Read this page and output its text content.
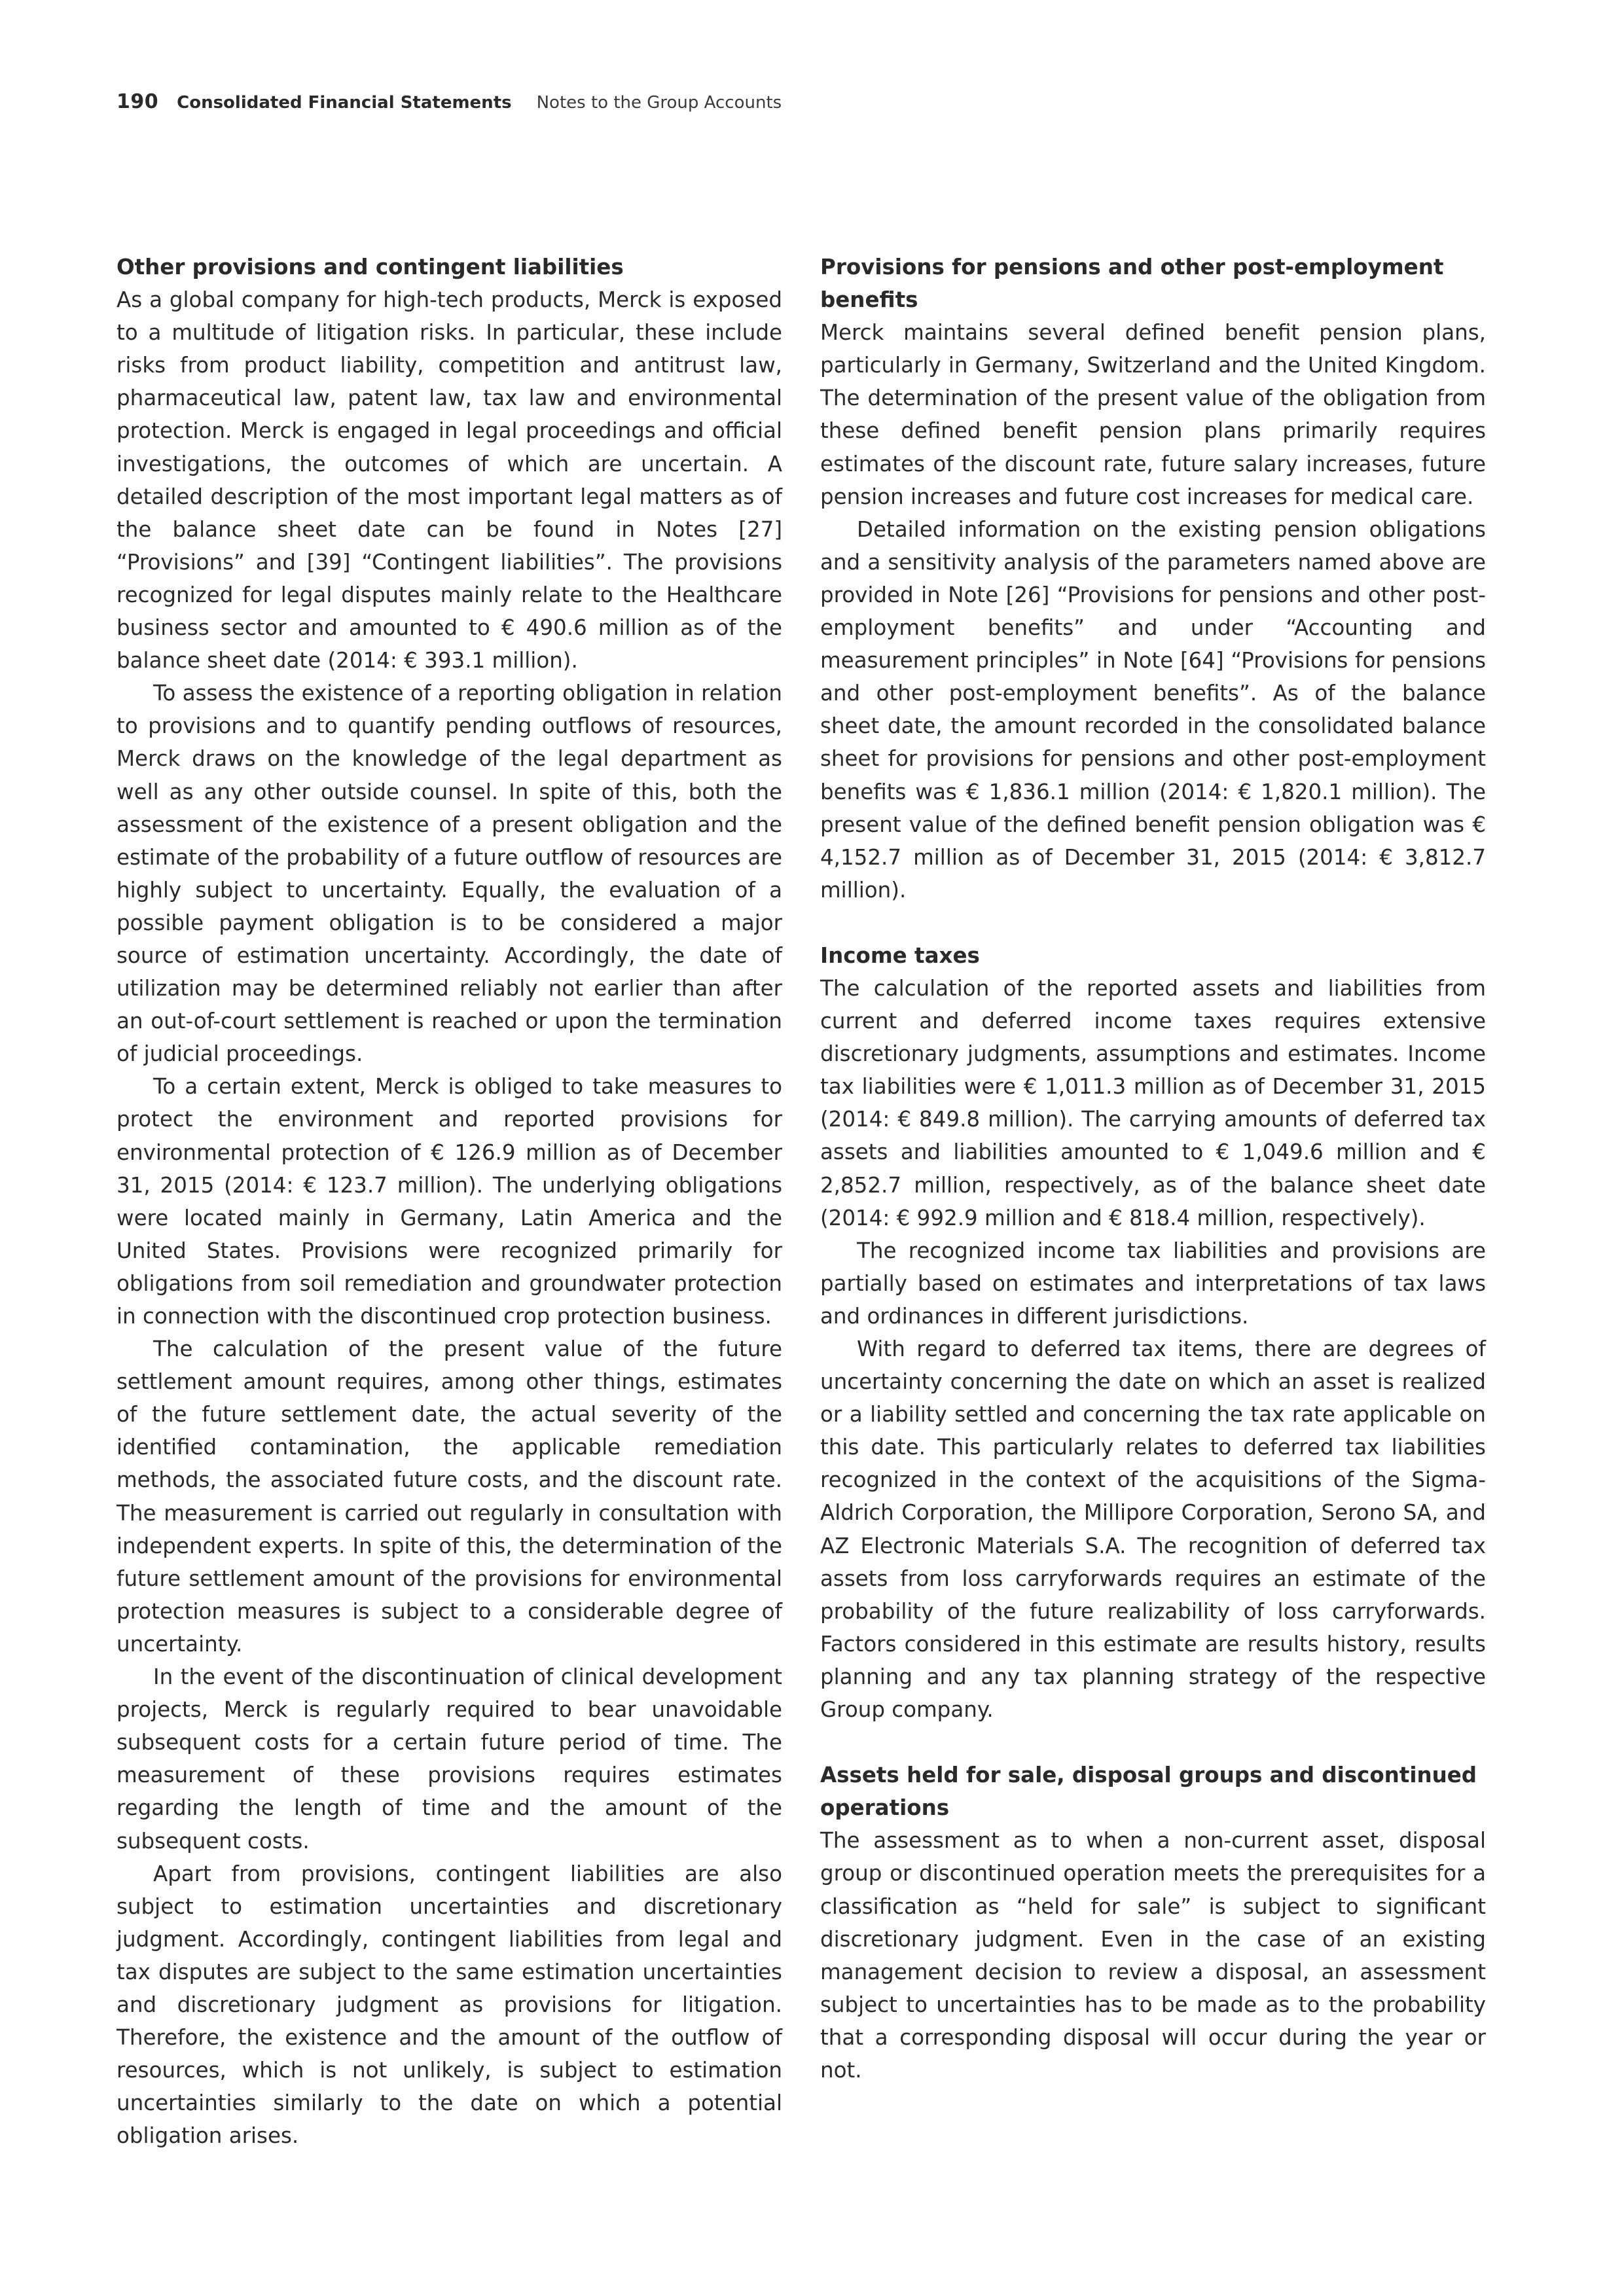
190 Consolidated Financial Statements Notes to the Group Accounts
Other provisions and contingent liabilities

As a global company for high-tech products, Merck is exposed to a multitude of litigation risks. In particular, these include risks from product liability, competition and antitrust law, pharmaceutical law, patent law, tax law and environmental protection. Merck is engaged in legal proceedings and official investigations, the outcomes of which are uncertain. A detailed description of the most important legal matters as of the balance sheet date can be found in Notes [27] “Provisions” and [39] “Contingent liabilities”. The provisions recognized for legal disputes mainly relate to the Healthcare business sector and amounted to € 490.6 million as of the balance sheet date (2014: € 393.1 million).

To assess the existence of a reporting obligation in relation to provisions and to quantify pending outflows of resources, Merck draws on the knowledge of the legal department as well as any other outside counsel. In spite of this, both the assessment of the existence of a present obligation and the estimate of the probability of a future outflow of resources are highly subject to uncertainty. Equally, the evaluation of a possible payment obligation is to be considered a major source of estimation uncertainty. Accordingly, the date of utilization may be determined reliably not earlier than after an out-of-court settlement is reached or upon the termination of judicial proceedings.

To a certain extent, Merck is obliged to take measures to protect the environment and reported provisions for environmental protection of € 126.9 million as of December 31, 2015 (2014: € 123.7 million). The underlying obligations were located mainly in Germany, Latin America and the United States. Provisions were recognized primarily for obligations from soil remediation and groundwater protection in connection with the discontinued crop protection business.

The calculation of the present value of the future settlement amount requires, among other things, estimates of the future settlement date, the actual severity of the identified contamination, the applicable remediation methods, the associated future costs, and the discount rate. The measurement is carried out regularly in consultation with independent experts. In spite of this, the determination of the future settlement amount of the provisions for environmental protection measures is subject to a considerable degree of uncertainty.

In the event of the discontinuation of clinical development projects, Merck is regularly required to bear unavoidable subsequent costs for a certain future period of time. The measurement of these provisions requires estimates regarding the length of time and the amount of the subsequent costs.

Apart from provisions, contingent liabilities are also subject to estimation uncertainties and discretionary judgment. Accordingly, contingent liabilities from legal and tax disputes are subject to the same estimation uncertainties and discretionary judgment as provisions for litigation. Therefore, the existence and the amount of the outflow of resources, which is not unlikely, is subject to estimation uncertainties similarly to the date on which a potential obligation arises.

Provisions for pensions and other post-employment benefits

Merck maintains several defined benefit pension plans, particularly in Germany, Switzerland and the United Kingdom. The determination of the present value of the obligation from these defined benefit pension plans primarily requires estimates of the discount rate, future salary increases, future pension increases and future cost increases for medical care.

Detailed information on the existing pension obligations and a sensitivity analysis of the parameters named above are provided in Note [26] “Provisions for pensions and other post-employment benefits” and under “Accounting and measurement principles” in Note [64] “Provisions for pensions and other post-employment benefits”. As of the balance sheet date, the amount recorded in the consolidated balance sheet for provisions for pensions and other post-employment benefits was € 1,836.1 million (2014: € 1,820.1 million). The present value of the defined benefit pension obligation was € 4,152.7 million as of December 31, 2015 (2014: € 3,812.7 million).

Income taxes

The calculation of the reported assets and liabilities from current and deferred income taxes requires extensive discretionary judgments, assumptions and estimates. Income tax liabilities were € 1,011.3 million as of December 31, 2015 (2014: € 849.8 million). The carrying amounts of deferred tax assets and liabilities amounted to € 1,049.6 million and € 2,852.7 million, respectively, as of the balance sheet date (2014: € 992.9 million and € 818.4 million, respectively).

The recognized income tax liabilities and provisions are partially based on estimates and interpretations of tax laws and ordinances in different jurisdictions.

With regard to deferred tax items, there are degrees of uncertainty concerning the date on which an asset is realized or a liability settled and concerning the tax rate applicable on this date. This particularly relates to deferred tax liabilities recognized in the context of the acquisitions of the Sigma-Aldrich Corporation, the Millipore Corporation, Serono SA, and AZ Electronic Materials S.A. The recognition of deferred tax assets from loss carryforwards requires an estimate of the probability of the future realizability of loss carryforwards. Factors considered in this estimate are results history, results planning and any tax planning strategy of the respective Group company.

Assets held for sale, disposal groups and discontinued operations

The assessment as to when a non-current asset, disposal group or discontinued operation meets the prerequisites for a classification as “held for sale” is subject to significant discretionary judgment. Even in the case of an existing management decision to review a disposal, an assessment subject to uncertainties has to be made as to the probability that a corresponding disposal will occur during the year or not.
